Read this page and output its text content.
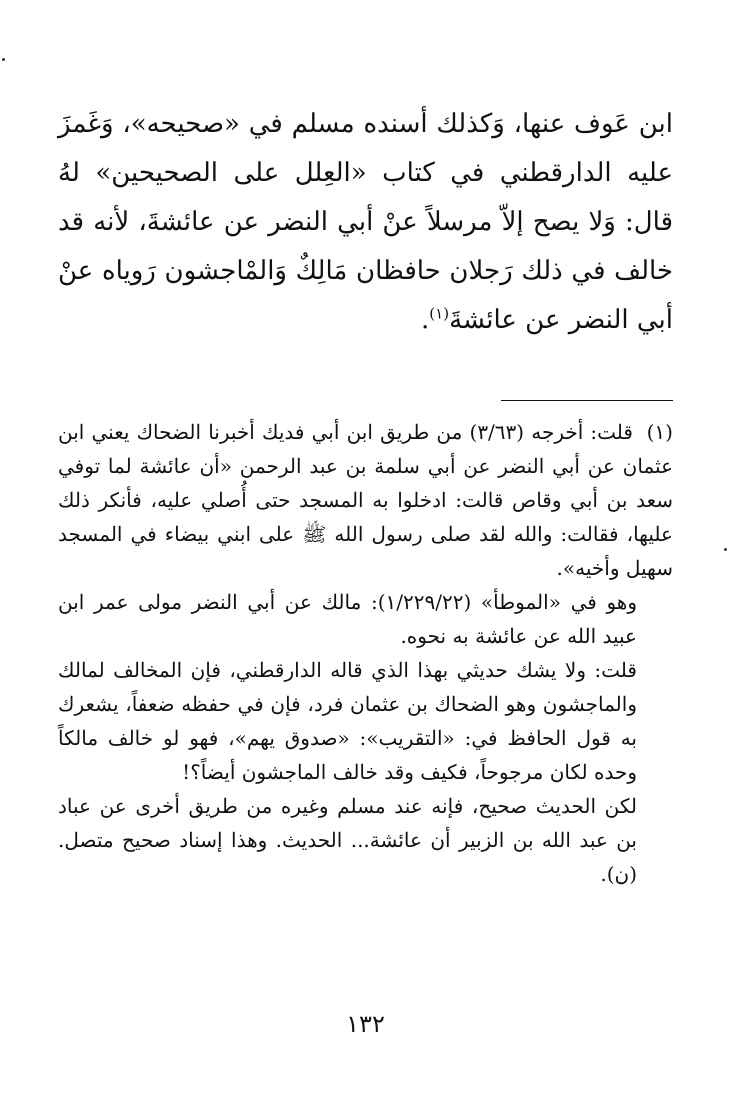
ابن عَوف عنها، وَكذلك أسنده مسلم في «صحيحه»، وَغَمزَ عليه الدارقطني في كتاب «العِلل على الصحيحين» لهُ قال: وَلا يصح إلاّ مرسلاً عنْ أبي النضر عن عائشةَ، لأنه قد خالف في ذلك رَجلان حافظان مَالِكٌ وَالمْاجشون رَوياه عنْ أبي النضر عن عائشةَ$^{(١)}$.

(١)قلت: أخرجه (٣/٦٣) من طريق ابن أبي فديك أخبرنا الضحاك يعني ابن عثمان عن أبي النضر عن أبي سلمة بن عبد الرحمن «أن عائشة لما توفي سعد بن أبي وقاص قالت: ادخلوا به المسجد حتى أُصلي عليه، فأنكر ذلك عليها، فقالت: والله لقد صلى رسول الله ﷺ على ابني بيضاء في المسجد سهيل وأخيه».

وهو في «الموطأ» (١/٢٢٩/٢٢): مالك عن أبي النضر مولى عمر ابن عبيد الله عن عائشة به نحوه.

قلت: ولا يشك حديثي بهذا الذي قاله الدارقطني، فإن المخالف لمالك والماجشون وهو الضحاك بن عثمان فرد، فإن في حفظه ضعفاً، يشعرك به قول الحافظ في: «التقريب»: «صدوق يهم»، فهو لو خالف مالكاً وحده لكان مرجوحاً، فكيف وقد خالف الماجشون أيضاً؟!

لكن الحديث صحيح، فإنه عند مسلم وغيره من طريق أخرى عن عباد بن عبد الله بن الزبير أن عائشة... الحديث. وهذا إسناد صحيح متصل. (ن).

١٣٢
